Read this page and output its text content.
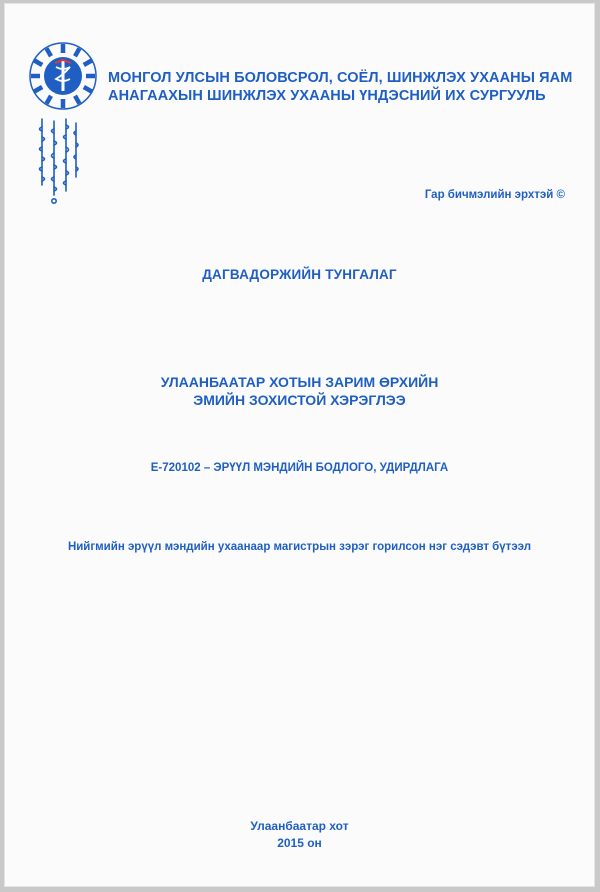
МОНГОЛ УЛСЫН БОЛОВСРОЛ, СОЁЛ, ШИНЖЛЭХ УХААНЫ ЯАМ
АНАГААХЫН ШИНЖЛЭХ УХААНЫ ҮНДЭСНИЙ ИХ СУРГУУЛЬ
Гар бичмэлийн эрхтэй ©
ДАГВАДОРЖИЙН ТУНГАЛАГ
УЛААНБААТАР ХОТЫН ЗАРИМ ӨРХИЙН
ЭМИЙН ЗОХИСТОЙ ХЭРЭГЛЭЭ
Е-720102 – ЭРҮҮЛ МЭНДИЙН БОДЛОГО, УДИРДЛАГА
Нийгмийн эрүүл мэндийн ухаанаар магистрын зэрэг горилсон нэг сэдэвт бүтээл
Улаанбаатар хот
2015 он
